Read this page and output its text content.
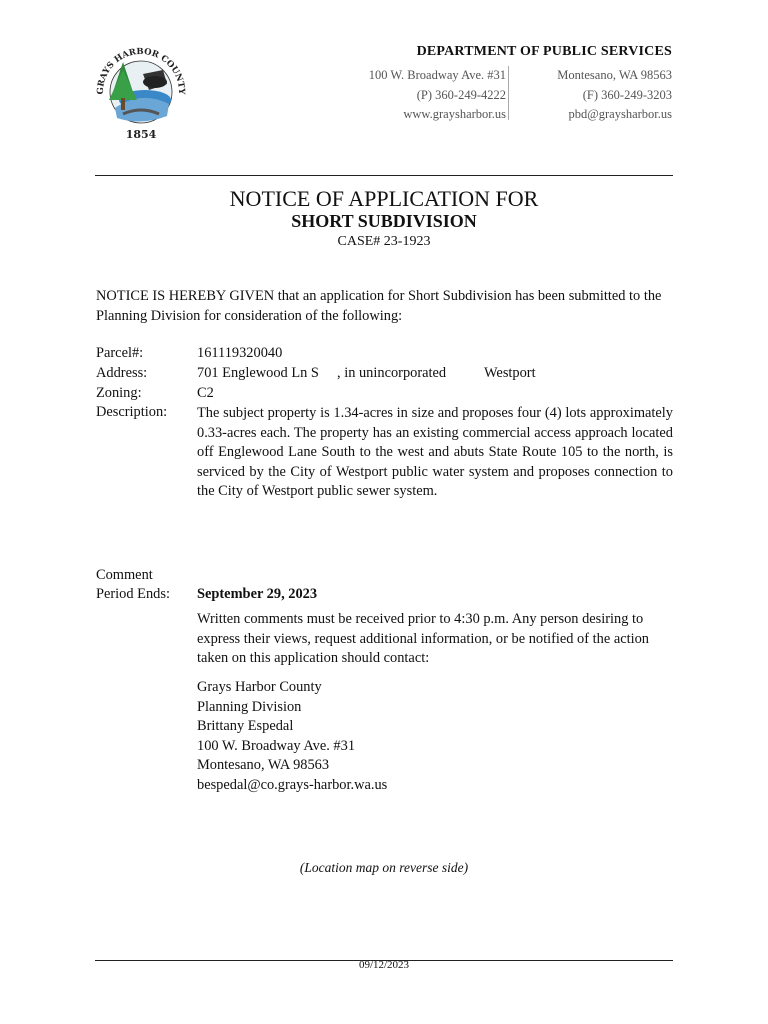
GRAYS HARBOR COUNTY
1854
DEPARTMENT OF PUBLIC SERVICES
100 W. Broadway Ave. #31
(P) 360-249-4222
www.graysharbor.us
Montesano, WA 98563
(F) 360-249-3203
pbd@graysharbor.us
NOTICE OF APPLICATION FOR
SHORT SUBDIVISION
CASE# 23-1923
NOTICE IS HEREBY GIVEN that an application for Short Subdivision has been submitted to the Planning Division for consideration of the following:
Parcel#:	161119320040
Address:	701 Englewood Ln S , in unincorporated	Westport
Zoning:	C2
Description: The subject property is 1.34-acres in size and proposes four (4) lots approximately 0.33-acres each. The property has an existing commercial access approach located off Englewood Lane South to the west and abuts State Route 105 to the north, is serviced by the City of Westport public water system and proposes connection to the City of Westport public sewer system.
Comment
Period Ends: September 29, 2023
Written comments must be received prior to 4:30 p.m. Any person desiring to express their views, request additional information, or be notified of the action taken on this application should contact:
Grays Harbor County
Planning Division
Brittany Espedal
100 W. Broadway Ave. #31
Montesano, WA 98563
bespedal@co.grays-harbor.wa.us
(Location map on reverse side)
09/12/2023
